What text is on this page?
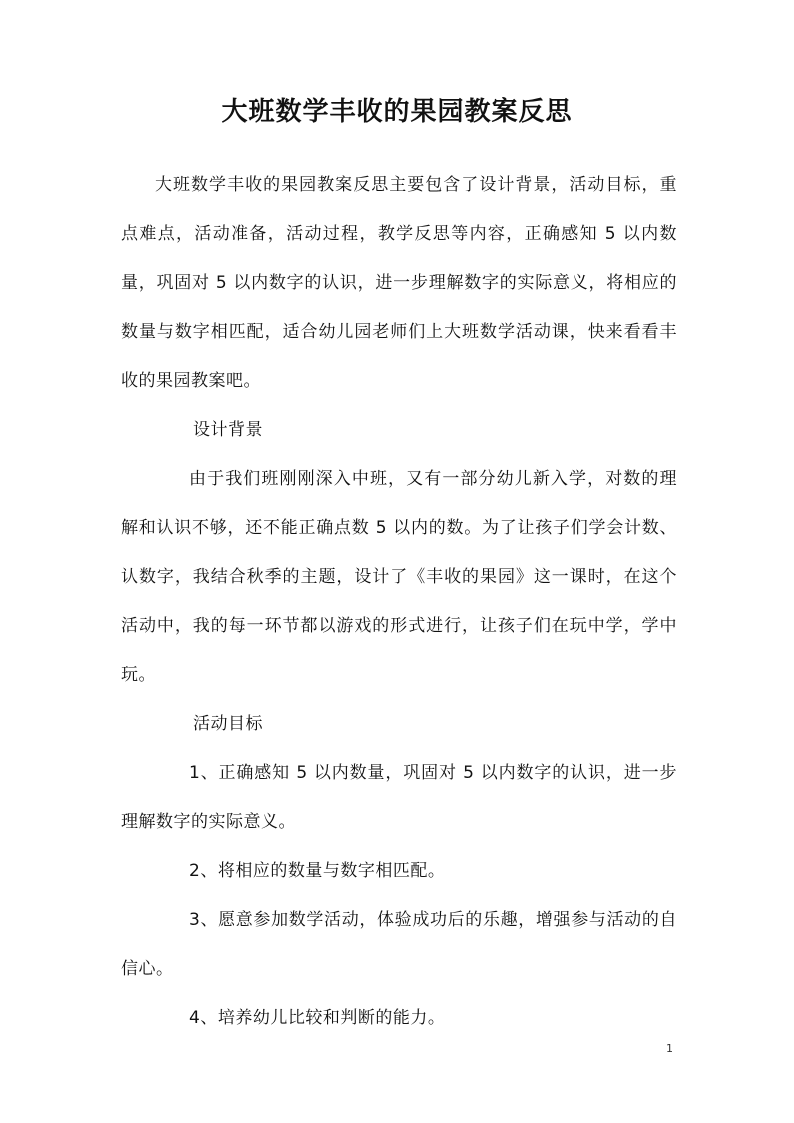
大班数学丰收的果园教案反思

大班数学丰收的果园教案反思主要包含了设计背景，活动目标，重点难点，活动准备，活动过程，教学反思等内容，正确感知 5 以内数量，巩固对 5 以内数字的认识，进一步理解数字的实际意义，将相应的数量与数字相匹配，适合幼儿园老师们上大班数学活动课，快来看看丰收的果园教案吧。

设计背景

由于我们班刚刚深入中班，又有一部分幼儿新入学，对数的理解和认识不够，还不能正确点数 5 以内的数。为了让孩子们学会计数、认数字，我结合秋季的主题，设计了《丰收的果园》这一课时，在这个活动中，我的每一环节都以游戏的形式进行，让孩子们在玩中学，学中玩。

活动目标

1、正确感知 5 以内数量，巩固对 5 以内数字的认识，进一步理解数字的实际意义。

2、将相应的数量与数字相匹配。

3、愿意参加数学活动，体验成功后的乐趣，增强参与活动的自信心。

4、培养幼儿比较和判断的能力。

1
